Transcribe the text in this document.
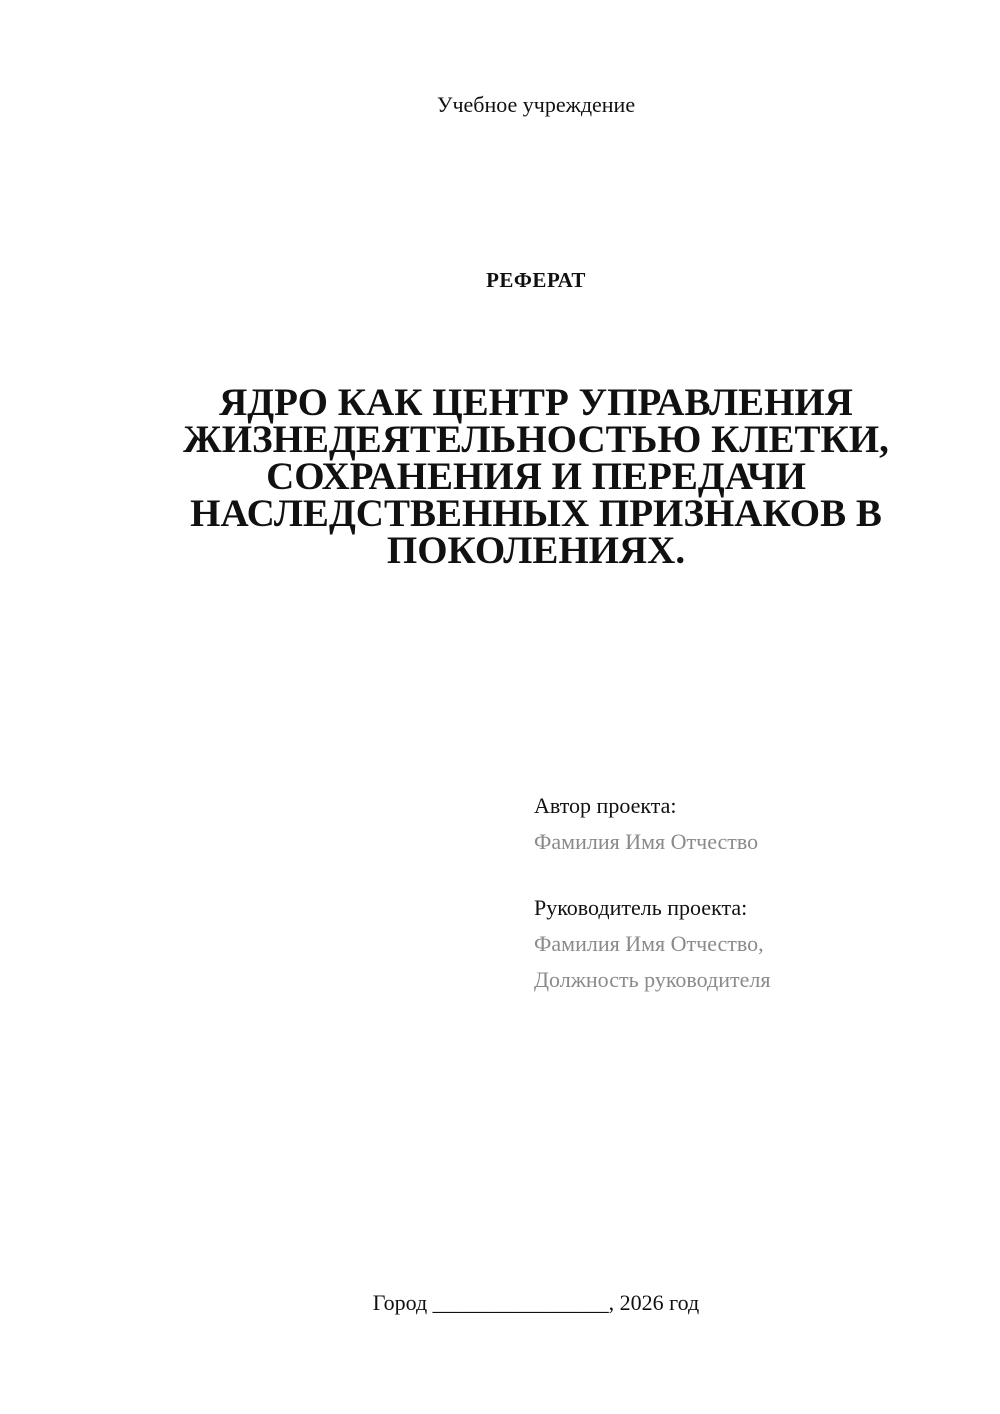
Учебное учреждение
РЕФЕРАТ
ЯДРО КАК ЦЕНТР УПРАВЛЕНИЯ
ЖИЗНЕДЕЯТЕЛЬНОСТЬЮ КЛЕТКИ,
СОХРАНЕНИЯ И ПЕРЕДАЧИ
НАСЛЕДСТВЕННЫХ ПРИЗНАКОВ В
ПОКОЛЕНИЯХ.
Автор проекта:
Фамилия Имя Отчество
Руководитель проекта:
Фамилия Имя Отчество,
Должность руководителя
Город ________________, 2026 год
